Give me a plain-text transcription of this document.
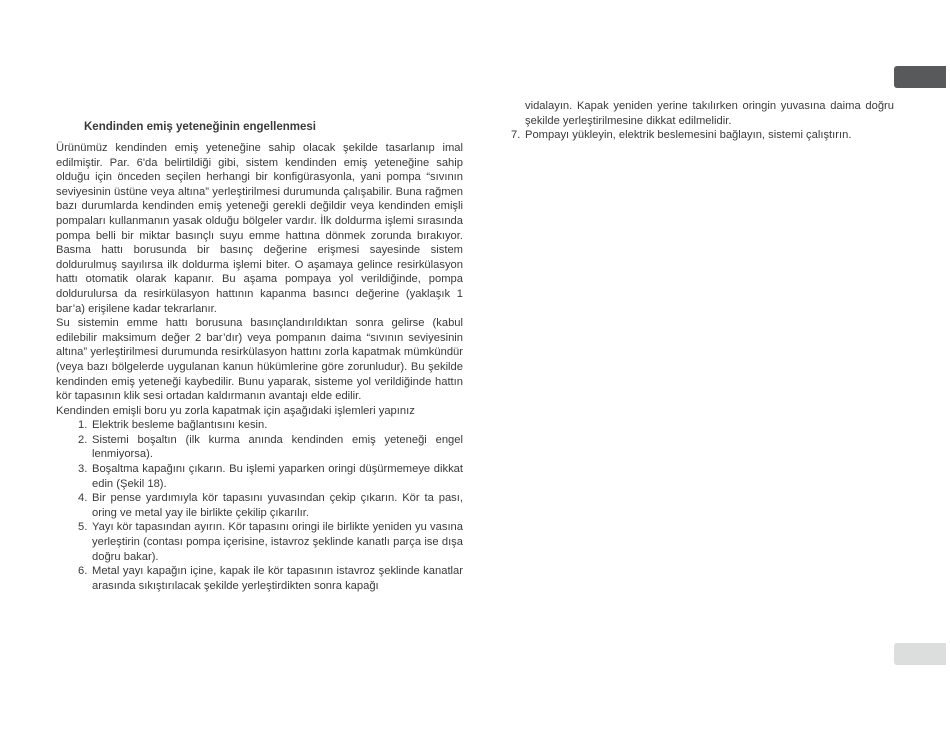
Kendinden emiş yeteneğinin engellenmesi

Ürünümüz kendinden emiş yeteneğine sahip olacak şekilde tasarlanıp imal edilmiştir. Par. 6'da belirtildiği gibi, sistem kendinden emiş yeteneğine sahip olduğu için önceden seçilen herhangi bir konfigürasyonla, yani pompa “sıvının seviyesinin üstüne veya altına” yerleştirilmesi durumunda çalışabilir. Buna rağmen bazı durumlarda kendinden emiş yeteneği gerekli değildir veya kendinden emişli pompaları kullanmanın yasak olduğu bölgeler vardır. İlk doldurma işlemi sırasında pompa belli bir miktar basınçlı suyu emme hattına dönmek zorunda bırakıyor. Basma hattı borusunda bir basınç değerine erişmesi sayesinde sistem doldurulmuş sayılırsa ilk doldurma işlemi biter. O aşamaya gelince resirkülasyon hattı otomatik olarak kapanır. Bu aşama pompaya yol verildiğinde, pompa doldurulursa da resirkülasyon hattının kapanma basıncı değerine (yaklaşık 1 bar’a) erişilene kadar tekrarlanır.

Su sistemin emme hattı borusuna basınçlandırıldıktan sonra gelirse (kabul edilebilir maksimum değer 2 bar’dır) veya pompanın daima “sıvının seviyesinin altına” yerleştirilmesi durumunda resirkülasyon hattını zorla kapatmak mümkündür (veya bazı bölgelerde uygulanan kanun hükümlerine göre zorunludur). Bu şekilde kendinden emiş yeteneği kaybedilir. Bunu yaparak, sisteme yol verildiğinde hattın kör tapasının klik sesi ortadan kaldırmanın avantajı elde edilir.

Kendinden emişli boru yu zorla kapatmak için aşağıdaki işlemleri yapınız

1. Elektrik besleme bağlantısını kesin.
2. Sistemi boşaltın (ilk kurma anında kendinden emiş yeteneği engel lenmiyorsa).
3. Boşaltma kapağını çıkarın. Bu işlemi yaparken oringi düşürmemeye dikkat edin (Şekil 18).
4. Bir pense yardımıyla kör tapasını yuvasından çekip çıkarın. Kör ta pası, oring ve metal yay ile birlikte çekilip çıkarılır.
5. Yayı kör tapasından ayırın. Kör tapasını oringi ile birlikte yeniden yu vasına yerleştirin (contası pompa içerisine, istavroz şeklinde kanatlı parça ise dışa doğru bakar).
6. Metal yayı kapağın içine, kapak ile kör tapasının istavroz şeklinde kanatlar arasında sıkıştırılacak şekilde yerleştirdikten sonra kapağı

vidalayın. Kapak yeniden yerine takılırken oringin yuvasına daima doğru şekilde yerleştirilmesine dikkat edilmelidir.

7. Pompayı yükleyin, elektrik beslemesini bağlayın, sistemi çalıştırın.
